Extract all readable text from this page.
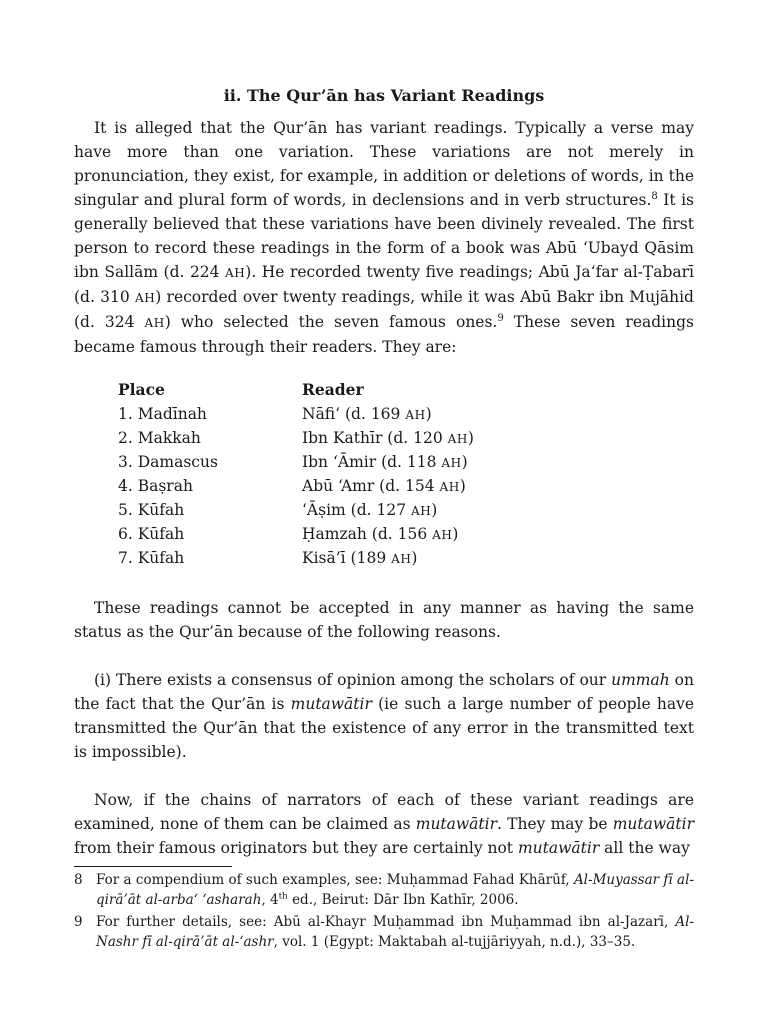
ii. The Qur’ān has Variant Readings

It is alleged that the Qur’ān has variant readings. Typically a verse may have more than one variation. These variations are not merely in pronunciation, they exist, for example, in addition or deletions of words, in the singular and plural form of words, in declensions and in verb structures.$^8$ It is generally believed that these variations have been divinely revealed. The first person to record these readings in the form of a book was Abū ‘Ubayd Qāsim ibn Sallām (d. 224 AH). He recorded twenty five readings; Abū Ja‘far al-Ṭabarī (d. 310 AH) recorded over twenty readings, while it was Abū Bakr ibn Mujāhid (d. 324 AH) who selected the seven famous ones.$^9$ These seven readings became famous through their readers. They are:

Place	Reader
1. Madīnah	Nāfi‘ (d. 169 AH)
2. Makkah	Ibn Kathīr (d. 120 AH)
3. Damascus	Ibn ‘Āmir (d. 118 AH)
4. Baṣrah	Abū ‘Amr (d. 154 AH)
5. Kūfah	‘Āṣim (d. 127 AH)
6. Kūfah	Ḥamzah (d. 156 AH)
7. Kūfah	Kisā’ī (189 AH)

These readings cannot be accepted in any manner as having the same status as the Qur’ān because of the following reasons.

(i) There exists a consensus of opinion among the scholars of our ummah on the fact that the Qur’ān is mutawātir (ie such a large number of people have transmitted the Qur’ān that the existence of any error in the transmitted text is impossible).

Now, if the chains of narrators of each of these variant readings are examined, none of them can be claimed as mutawātir. They may be mutawātir from their famous originators but they are certainly not mutawātir all the way

8 For a compendium of such examples, see: Muḥammad Fahad Khārūf, Al-Muyassar fī al-qirā’āt al-arba‘ ‘asharah, 4th ed., Beirut: Dār Ibn Kathīr, 2006.
9 For further details, see: Abū al-Khayr Muḥammad ibn Muḥammad ibn al-Jazarī, Al-Nashr fī al-qirā’āt al-‘ashr, vol. 1 (Egypt: Maktabah al-tujjāriyyah, n.d.), 33–35.
